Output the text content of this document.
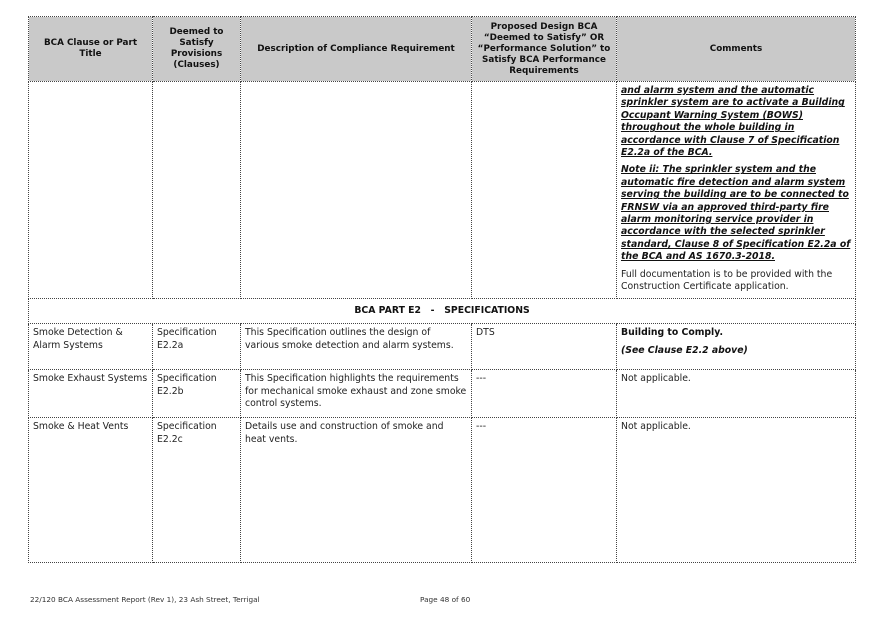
BCA Clause or Part Title	Deemed to Satisfy Provisions (Clauses)	Description of Compliance Requirement	Proposed Design BCA “Deemed to Satisfy” OR “Performance Solution” to Satisfy BCA Performance Requirements	Comments

				and alarm system and the automatic sprinkler system are to activate a Building Occupant Warning System (BOWS) throughout the whole building in accordance with Clause 7 of Specification E2.2a of the BCA.

Note ii: The sprinkler system and the automatic fire detection and alarm system serving the building are to be connected to FRNSW via an approved third-party fire alarm monitoring service provider in accordance with the selected sprinkler standard, Clause 8 of Specification E2.2a of the BCA and AS 1670.3-2018.

Full documentation is to be provided with the Construction Certificate application.

BCA PART E2   -   SPECIFICATIONS				
Smoke Detection & Alarm Systems	Specification E2.2a	This Specification outlines the design of various smoke detection and alarm systems.	DTS	Building to Comply.

(See Clause E2.2 above)

Smoke Exhaust Systems	Specification E2.2b	This Specification highlights the requirements for mechanical smoke exhaust and zone smoke control systems.	---	Not applicable.
Smoke & Heat Vents	Specification E2.2c	Details use and construction of smoke and heat vents.	---	Not applicable.
22/120 BCA Assessment Report (Rev 1), 23 Ash Street, Terrigal	Page 48 of 60
